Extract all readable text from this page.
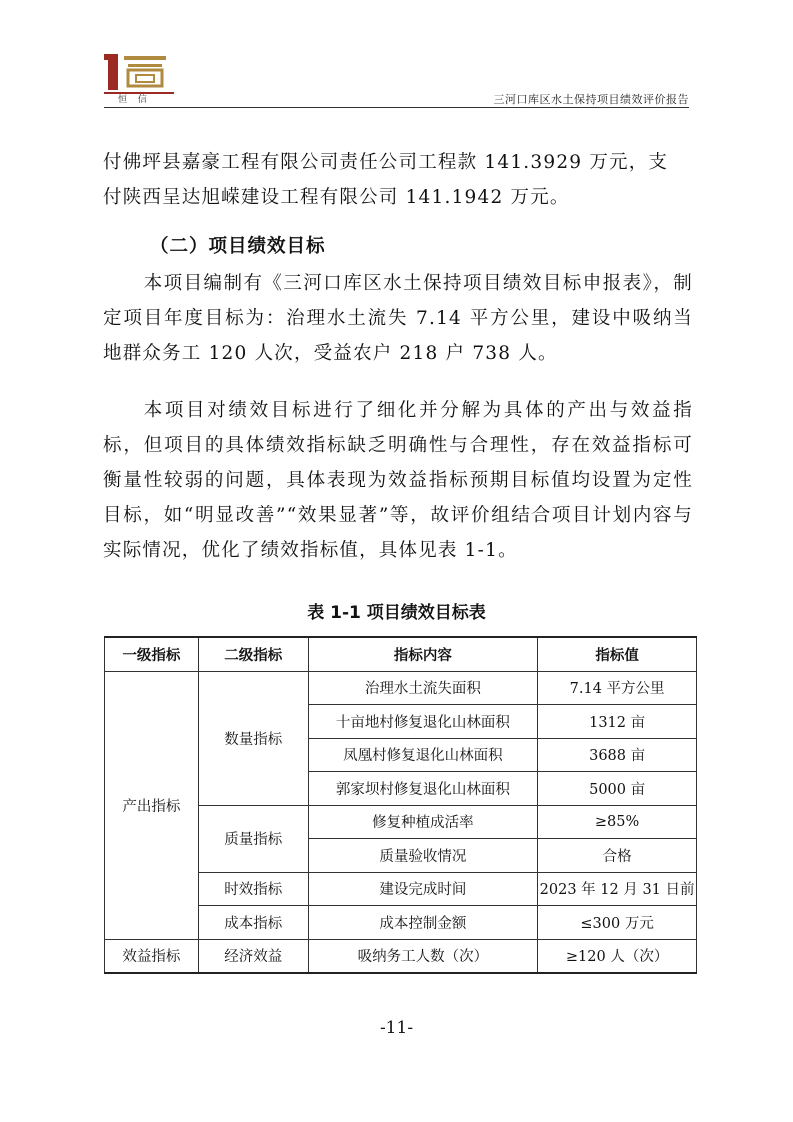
恒 信	三河口库区水土保持项目绩效评价报告

付佛坪县嘉豪工程有限公司责任公司工程款 141.3929 万元，支

付陕西呈达旭嵘建设工程有限公司 141.1942 万元。

（二）项目绩效目标

本项目编制有《三河口库区水土保持项目绩效目标申报表》，制定项目年度目标为：治理水土流失 7.14 平方公里，建设中吸纳当地群众务工 120 人次，受益农户 218 户 738 人。

本项目对绩效目标进行了细化并分解为具体的产出与效益指标，但项目的具体绩效指标缺乏明确性与合理性，存在效益指标可衡量性较弱的问题，具体表现为效益指标预期目标值均设置为定性目标，如“明显改善”“效果显著”等，故评价组结合项目计划内容与实际情况，优化了绩效指标值，具体见表 1-1。

表 1-1 项目绩效目标表
一级指标	二级指标	指标内容	指标值
产出指标	数量指标	治理水土流失面积	7.14 平方公里
		十亩地村修复退化山林面积	1312 亩
		凤凰村修复退化山林面积	3688 亩
		郭家坝村修复退化山林面积	5000 亩
	质量指标	修复种植成活率	≥85%
		质量验收情况	合格
	时效指标	建设完成时间	2023 年 12 月 31 日前
	成本指标	成本控制金额	≤300 万元
效益指标	经济效益	吸纳务工人数（次）	≥120 人（次）
-11-
